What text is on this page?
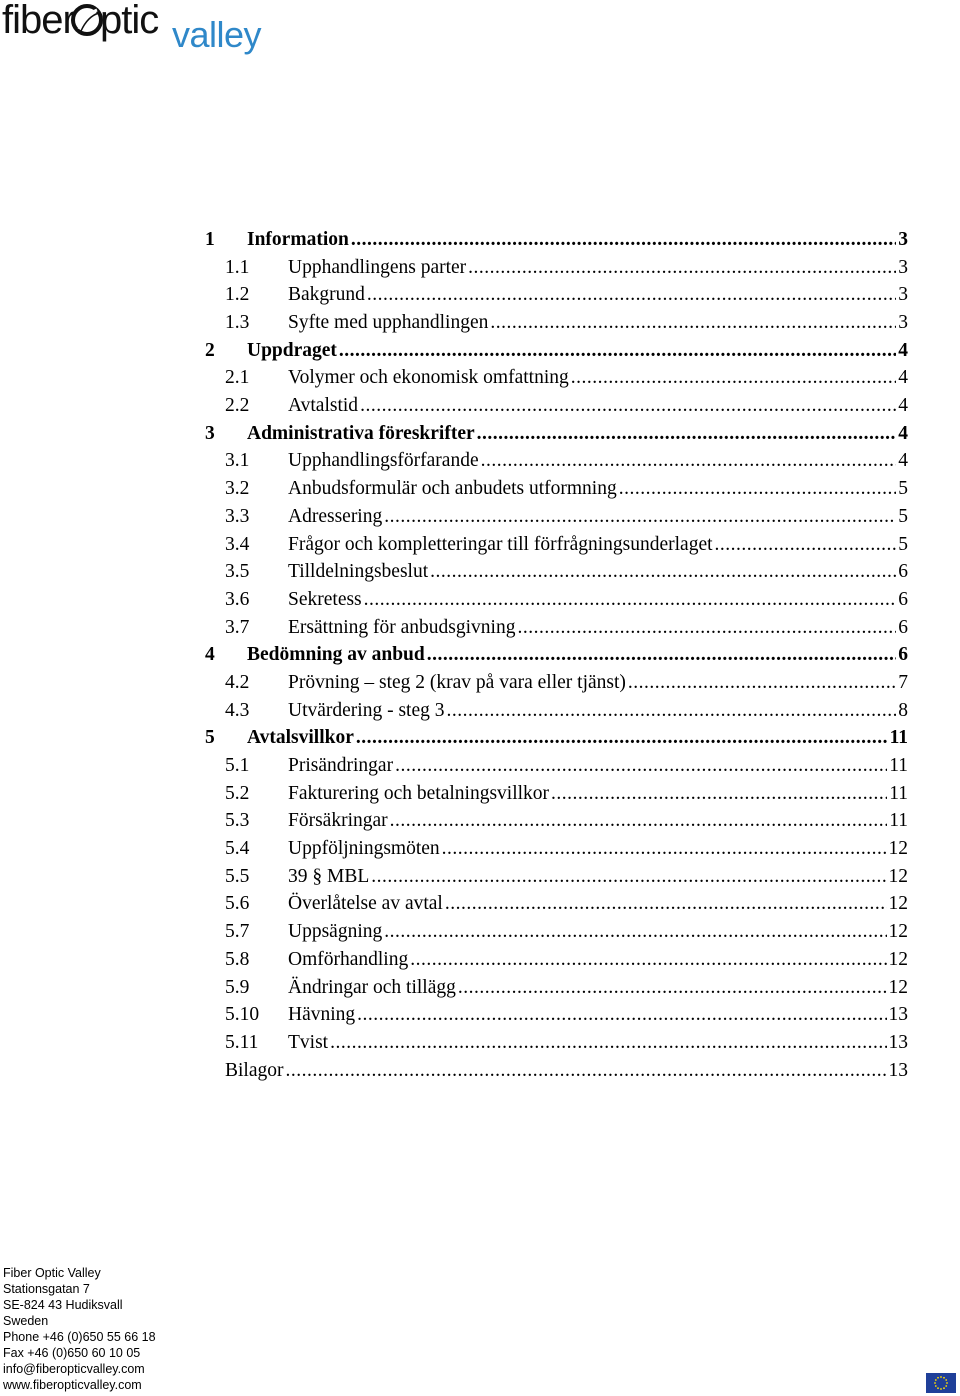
fiber ptic valley
1	Information .....	3
1.1	Upphandlingens parter .....	3
1.2	Bakgrund .....	3
1.3	Syfte med upphandlingen .....	3
2	Uppdraget .....	4
2.1	Volymer och ekonomisk omfattning .....	4
2.2	Avtalstid .....	4
3	Administrativa föreskrifter .....	4
3.1	Upphandlingsförfarande .....	4
3.2	Anbudsformulär och anbudets utformning .....	5
3.3	Adressering .....	5
3.4	Frågor och kompletteringar till förfrågningsunderlaget .....	5
3.5	Tilldelningsbeslut .....	6
3.6	Sekretess .....	6
3.7	Ersättning för anbudsgivning .....	6
4	Bedömning av anbud .....	6
4.2	Prövning – steg 2 (krav på vara eller tjänst) .....	7
4.3	Utvärdering - steg 3 .....	8
5	Avtalsvillkor .....	11
5.1	Prisändringar .....	11
5.2	Fakturering och betalningsvillkor .....	11
5.3	Försäkringar .....	11
5.4	Uppföljningsmöten .....	12
5.5	39 § MBL .....	12
5.6	Överlåtelse av avtal .....	12
5.7	Uppsägning .....	12
5.8	Omförhandling .....	12
5.9	Ändringar och tillägg .....	12
5.10	Hävning .....	13
5.11	Tvist .....	13
Bilagor .....	13
Fiber Optic Valley
Stationsgatan 7
SE-824 43 Hudiksvall
Sweden
Phone +46 (0)650 55 66 18
Fax +46 (0)650 60 10 05
info@fiberopticvalley.com
www.fiberopticvalley.com
